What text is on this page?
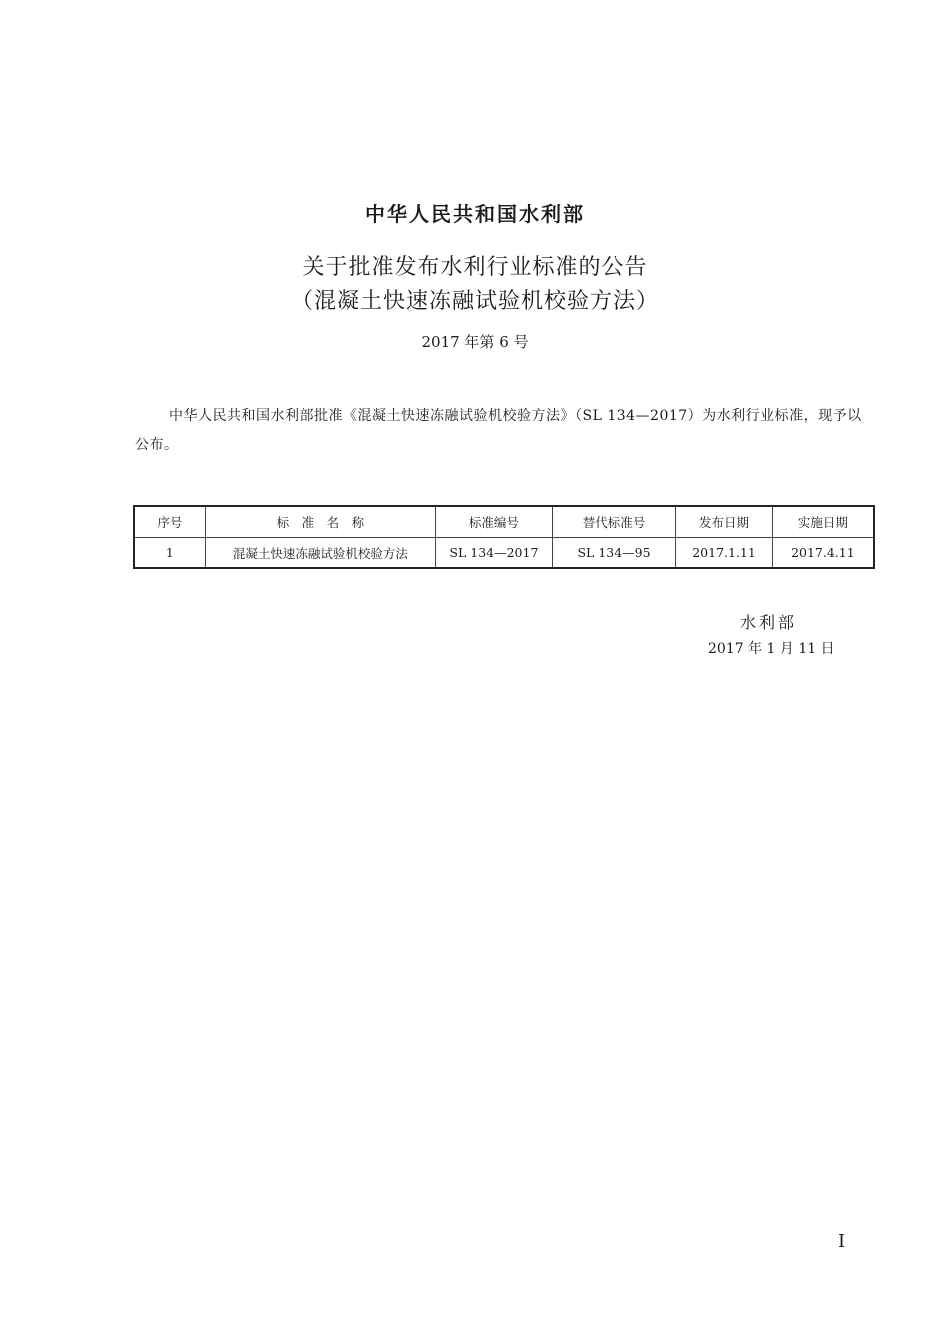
中华人民共和国水利部
关于批准发布水利行业标准的公告
（混凝土快速冻融试验机校验方法）
2017 年第 6 号
中华人民共和国水利部批准《混凝土快速冻融试验机校验方法》（SL 134—2017）为水利行业标准，现予以公布。
序号	标　准　名　称	标准编号	替代标准号	发布日期	实施日期
1	混凝土快速冻融试验机校验方法	SL 134—2017	SL 134—95	2017.1.11	2017.4.11
水利部
2017 年 1 月 11 日
I
